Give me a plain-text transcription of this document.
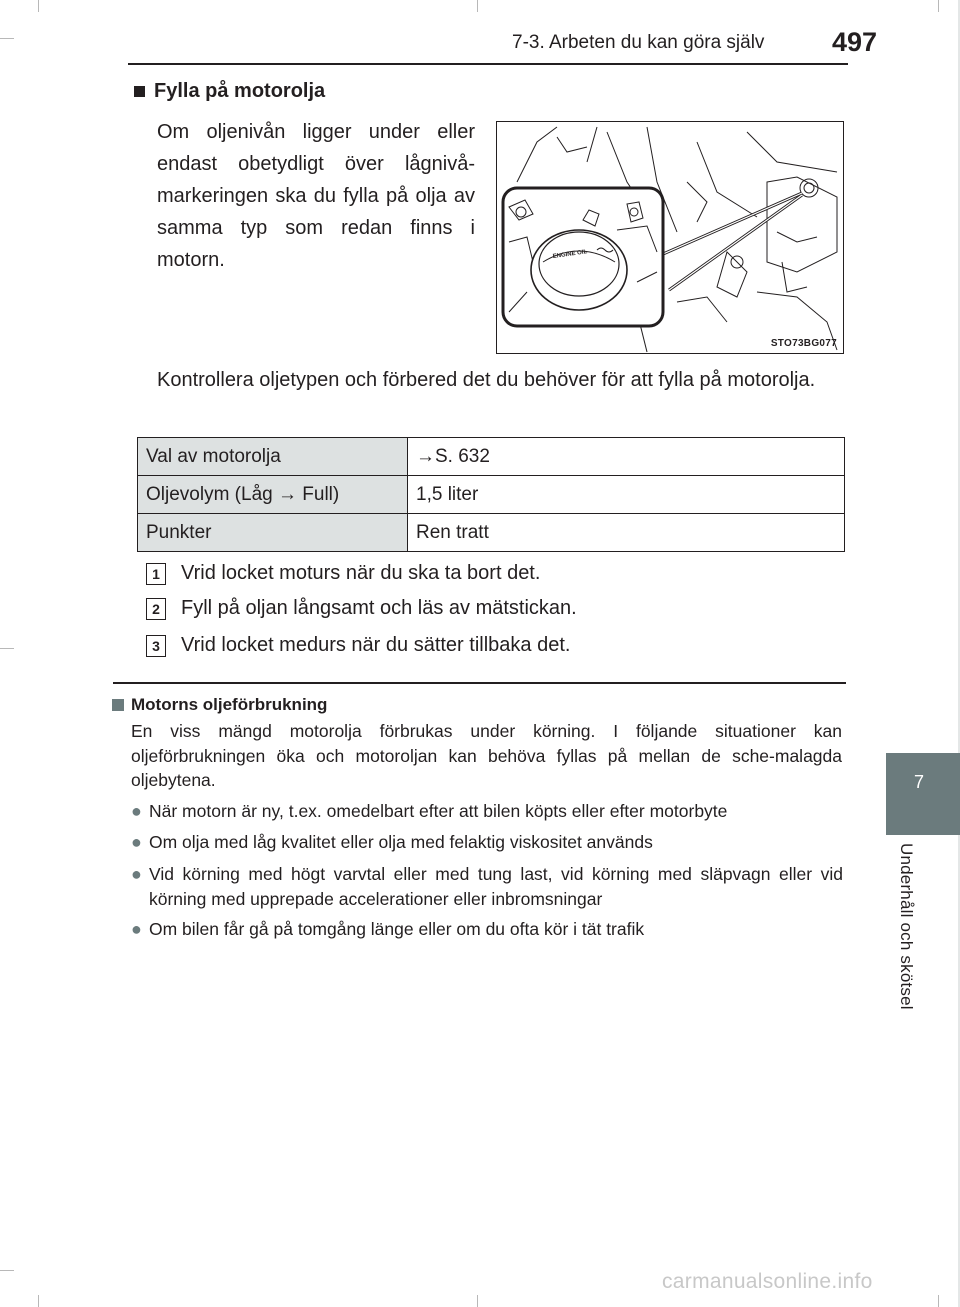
7-3. Arbeten du kan göra själv	497
7
Underhåll och skötsel
Fylla på motorolja
Om oljenivån ligger under eller endast obetydligt över lågnivå-markeringen ska du fylla på olja av samma typ som redan finns i motorn.	ENGINE OIL
STO73BG077
Kontrollera oljetypen och förbered det du behöver för att fylla på motorolja.
Val av motorolja	→S. 632
Oljevolym (Låg → Full)	1,5 liter
Punkter	Ren tratt
1	Vrid locket moturs när du ska ta bort det.
2	Fyll på oljan långsamt och läs av mätstickan.
3	Vrid locket medurs när du sätter tillbaka det.
Motorns oljeförbrukning
En viss mängd motorolja förbrukas under körning. I följande situationer kan oljeförbrukningen öka och motoroljan kan behöva fyllas på mellan de sche-malagda oljebytena.
● När motorn är ny, t.ex. omedelbart efter att bilen köpts eller efter motorbyte
● Om olja med låg kvalitet eller olja med felaktig viskositet används
● Vid körning med högt varvtal eller med tung last, vid körning med släpvagn eller vid körning med upprepade accelerationer eller inbromsningar
● Om bilen får gå på tomgång länge eller om du ofta kör i tät trafik
carmanualsonline.info
